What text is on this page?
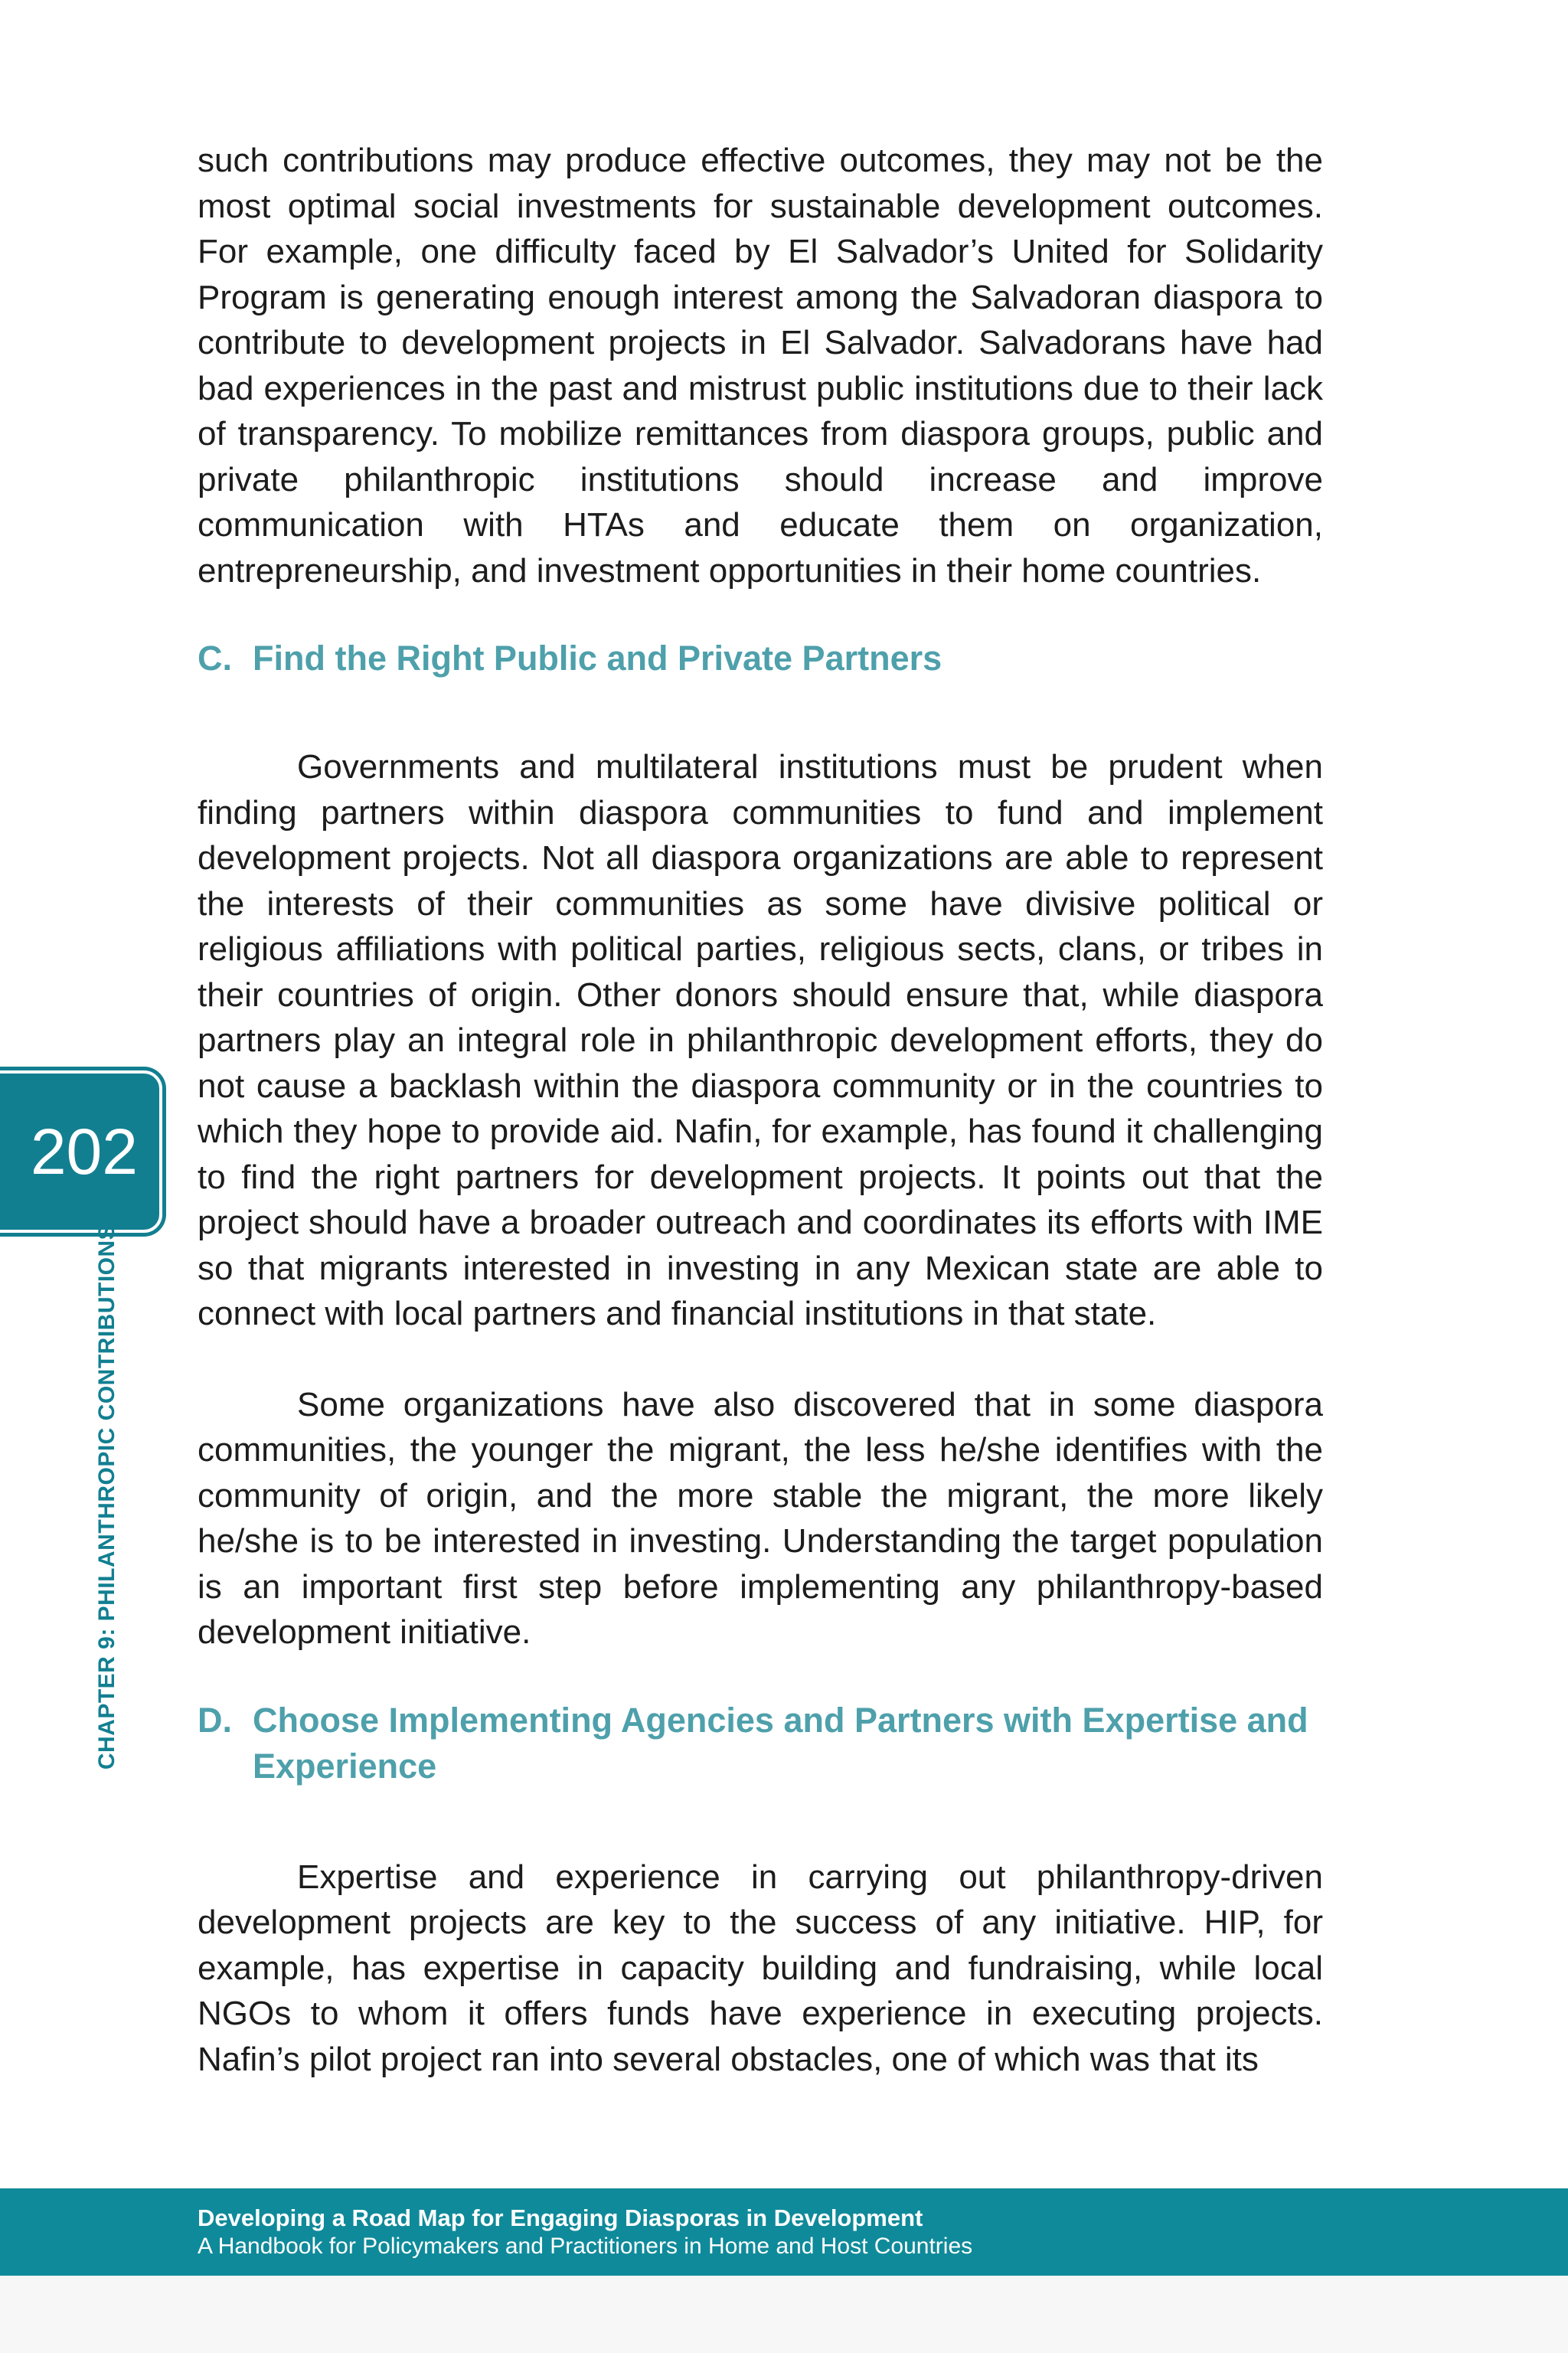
202
CHAPTER 9: PHILANTHROPIC CONTRIBUTIONS

such contributions may produce effective outcomes, they may not be the most optimal social investments for sustainable development outcomes. For example, one difficulty faced by El Salvador’s United for Solidarity Program is generating enough interest among the Salvadoran diaspora to contribute to development projects in El Salvador. Salvadorans have had bad experiences in the past and mistrust public institutions due to their lack of transparency. To mobilize remittances from diaspora groups, public and private philanthropic institutions should increase and improve communication with HTAs and educate them on organization, entrepreneurship, and investment opportunities in their home countries.

C. Find the Right Public and Private Partners

Governments and multilateral institutions must be prudent when finding partners within diaspora communities to fund and implement development projects. Not all diaspora organizations are able to represent the interests of their communities as some have divisive political or religious affiliations with political parties, religious sects, clans, or tribes in their countries of origin. Other donors should ensure that, while diaspora partners play an integral role in philanthropic development efforts, they do not cause a backlash within the diaspora community or in the countries to which they hope to provide aid. Nafin, for example, has found it challenging to find the right partners for development projects. It points out that the project should have a broader outreach and coordinates its efforts with IME so that migrants interested in investing in any Mexican state are able to connect with local partners and financial institutions in that state.

Some organizations have also discovered that in some diaspora communities, the younger the migrant, the less he/she identifies with the community of origin, and the more stable the migrant, the more likely he/she is to be interested in investing. Understanding the target population is an important first step before implementing any philanthropy-based development initiative.

D. Choose Implementing Agencies and Partners with Expertise and Experience

Expertise and experience in carrying out philanthropy-driven development projects are key to the success of any initiative. HIP, for example, has expertise in capacity building and fundraising, while local NGOs to whom it offers funds have experience in executing projects. Nafin’s pilot project ran into several obstacles, one of which was that its

Developing a Road Map for Engaging Diasporas in Development
A Handbook for Policymakers and Practitioners in Home and Host Countries
